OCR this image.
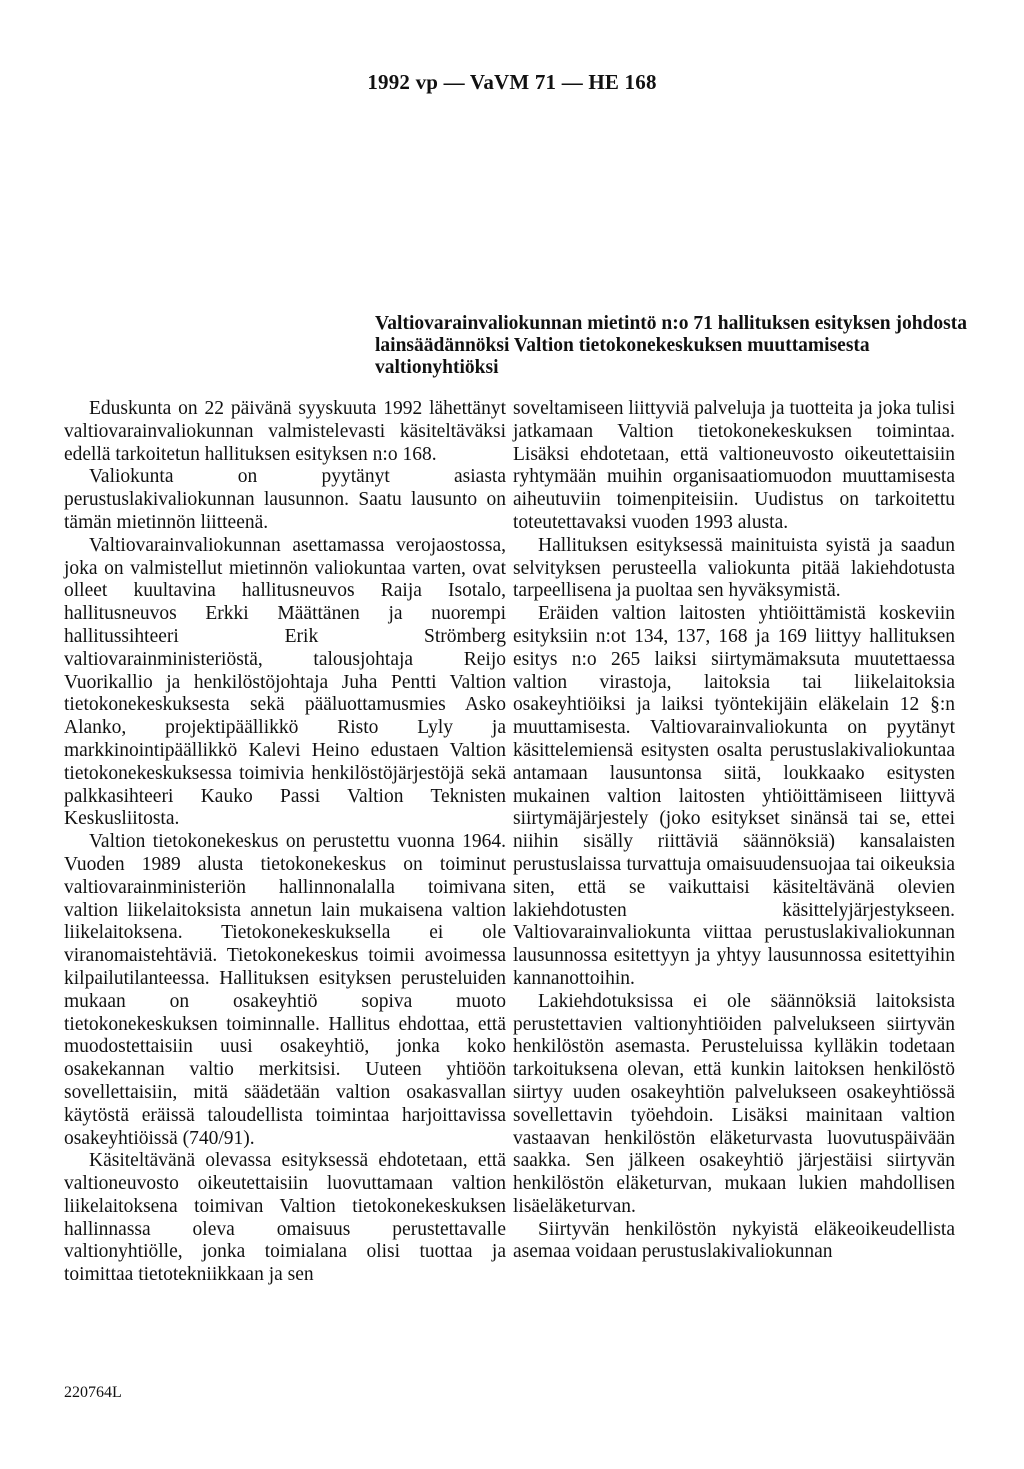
1992 vp — VaVM 71 — HE 168
Valtiovarainvaliokunnan mietintö n:o 71 hallituksen esityksen johdosta lainsäädännöksi Valtion tietokonekeskuksen muuttamisesta valtionyhtiöksi

Eduskunta on 22 päivänä syyskuuta 1992 lähettänyt valtiovarainvaliokunnan valmistelevasti käsiteltäväksi edellä tarkoitetun hallituksen esityksen n:o 168.

Valiokunta on pyytänyt asiasta perustuslakivaliokunnan lausunnon. Saatu lausunto on tämän mietinnön liitteenä.

Valtiovarainvaliokunnan asettamassa verojaostossa, joka on valmistellut mietinnön valiokuntaa varten, ovat olleet kuultavina hallitusneuvos Raija Isotalo, hallitusneuvos Erkki Määttänen ja nuorempi hallitussihteeri Erik Strömberg valtiovarainministeriöstä, talousjohtaja Reijo Vuorikallio ja henkilöstöjohtaja Juha Pentti Valtion tietokonekeskuksesta sekä pääluottamusmies Asko Alanko, projektipäällikkö Risto Lyly ja markkinointipäällikkö Kalevi Heino edustaen Valtion tietokonekeskuksessa toimivia henkilöstöjärjestöjä sekä palkkasihteeri Kauko Passi Valtion Teknisten Keskusliitosta.

Valtion tietokonekeskus on perustettu vuonna 1964. Vuoden 1989 alusta tietokonekeskus on toiminut valtiovarainministeriön hallinnonalalla toimivana valtion liikelaitoksista annetun lain mukaisena valtion liikelaitoksena. Tietokonekeskuksella ei ole viranomaistehtäviä. Tietokonekeskus toimii avoimessa kilpailutilanteessa. Hallituksen esityksen perusteluiden mukaan on osakeyhtiö sopiva muoto tietokonekeskuksen toiminnalle. Hallitus ehdottaa, että muodostettaisiin uusi osakeyhtiö, jonka koko osakekannan valtio merkitsisi. Uuteen yhtiöön sovellettaisiin, mitä säädetään valtion osakasvallan käytöstä eräissä taloudellista toimintaa harjoittavissa osakeyhtiöissä (740/91).

Käsiteltävänä olevassa esityksessä ehdotetaan, että valtioneuvosto oikeutettaisiin luovuttamaan valtion liikelaitoksena toimivan Valtion tietokonekeskuksen hallinnassa oleva omaisuus perustettavalle valtionyhtiölle, jonka toimialana olisi tuottaa ja toimittaa tietotekniikkaan ja sen

soveltamiseen liittyviä palveluja ja tuotteita ja joka tulisi jatkamaan Valtion tietokonekeskuksen toimintaa. Lisäksi ehdotetaan, että valtioneuvosto oikeutettaisiin ryhtymään muihin organisaatiomuodon muuttamisesta aiheutuviin toimenpiteisiin. Uudistus on tarkoitettu toteutettavaksi vuoden 1993 alusta.

Hallituksen esityksessä mainituista syistä ja saadun selvityksen perusteella valiokunta pitää lakiehdotusta tarpeellisena ja puoltaa sen hyväksymistä.

Eräiden valtion laitosten yhtiöittämistä koskeviin esityksiin n:ot 134, 137, 168 ja 169 liittyy hallituksen esitys n:o 265 laiksi siirtymämaksuta muutettaessa valtion virastoja, laitoksia tai liikelaitoksia osakeyhtiöiksi ja laiksi työntekijäin eläkelain 12 §:n muuttamisesta. Valtiovarainvaliokunta on pyytänyt käsittelemiensä esitysten osalta perustuslakivaliokuntaa antamaan lausuntonsa siitä, loukkaako esitysten mukainen valtion laitosten yhtiöittämiseen liittyvä siirtymäjärjestely (joko esitykset sinänsä tai se, ettei niihin sisälly riittäviä säännöksiä) kansalaisten perustuslaissa turvattuja omaisuudensuojaa tai oikeuksia siten, että se vaikuttaisi käsiteltävänä olevien lakiehdotusten käsittelyjärjestykseen. Valtiovarainvaliokunta viittaa perustuslakivaliokunnan lausunnossa esitettyyn ja yhtyy lausunnossa esitettyihin kannanottoihin.

Lakiehdotuksissa ei ole säännöksiä laitoksista perustettavien valtionyhtiöiden palvelukseen siirtyvän henkilöstön asemasta. Perusteluissa kylläkin todetaan tarkoituksena olevan, että kunkin laitoksen henkilöstö siirtyy uuden osakeyhtiön palvelukseen osakeyhtiössä sovellettavin työehdoin. Lisäksi mainitaan valtion vastaavan henkilöstön eläketurvasta luovutuspäivään saakka. Sen jälkeen osakeyhtiö järjestäisi siirtyvän henkilöstön eläketurvan, mukaan lukien mahdollisen lisäeläketurvan.

Siirtyvän henkilöstön nykyistä eläkeoikeudellista asemaa voidaan perustuslakivaliokunnan

220764L
